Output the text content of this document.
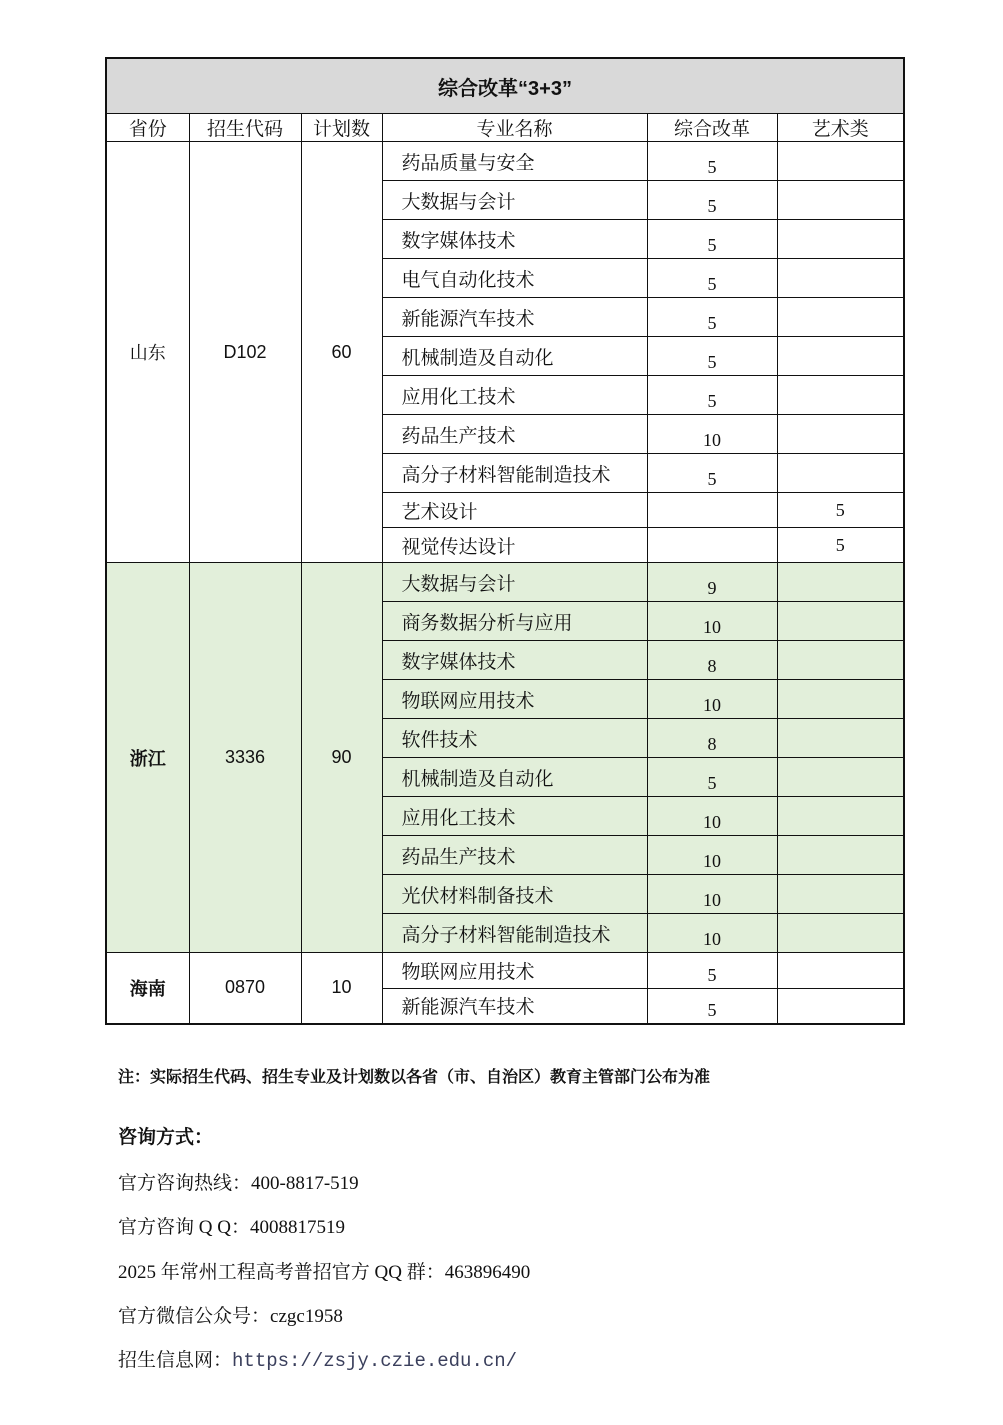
综合改革“3+3”					
省份	招生代码	计划数	专业名称	综合改革	艺术类
山东	D102	60	药品质量与安全	5	
			大数据与会计	5	
			数字媒体技术	5	
			电气自动化技术	5	
			新能源汽车技术	5	
			机械制造及自动化	5	
			应用化工技术	5	
			药品生产技术	10	
			高分子材料智能制造技术	5	
			艺术设计		5
			视觉传达设计		5
浙江	3336	90	大数据与会计	9	
			商务数据分析与应用	10	
			数字媒体技术	8	
			物联网应用技术	10	
			软件技术	8	
			机械制造及自动化	5	
			应用化工技术	10	
			药品生产技术	10	
			光伏材料制备技术	10	
			高分子材料智能制造技术	10	
海南	0870	10	物联网应用技术	5	
			新能源汽车技术	5	

注：实际招生代码、招生专业及计划数以各省（市、自治区）教育主管部门公布为准

咨询方式：
官方咨询热线：400-8817-519
官方咨询 Q Q：4008817519
2025 年常州工程高考普招官方 QQ 群：463896490
官方微信公众号：czgc1958
招生信息网：https://zsjy.czie.edu.cn/
